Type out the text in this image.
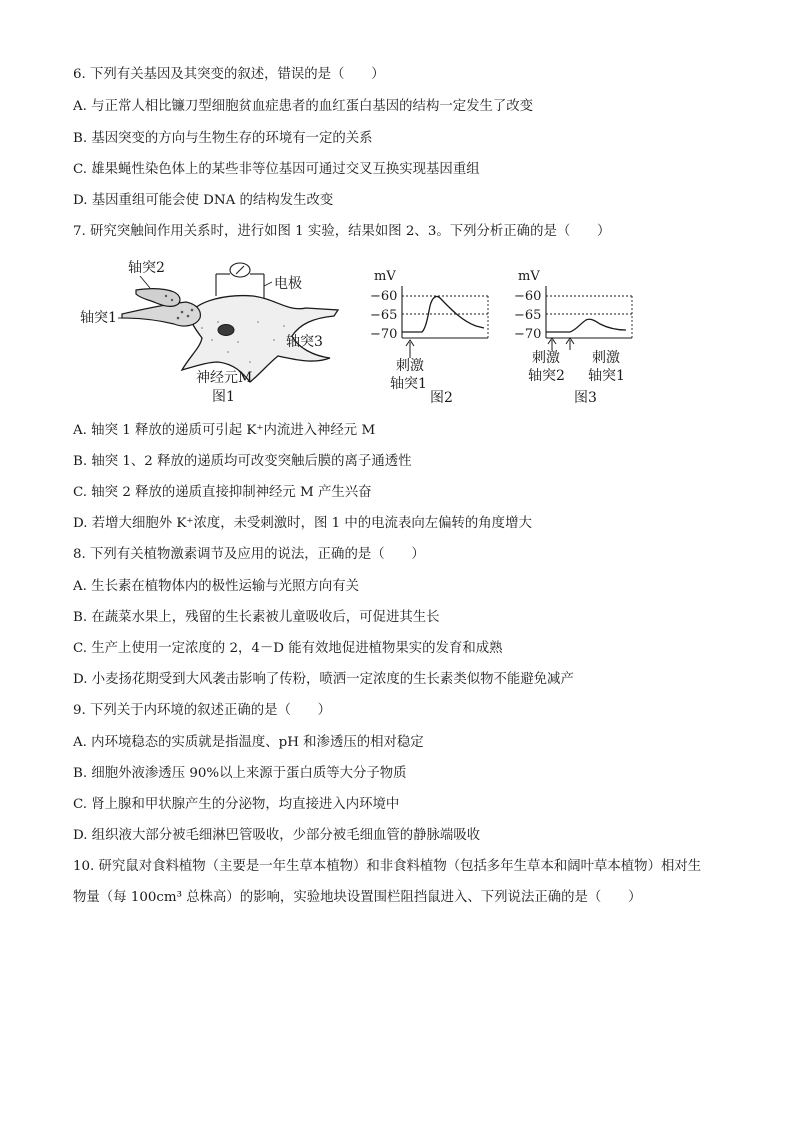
6. 下列有关基因及其突变的叙述，错误的是（　　）
A. 与正常人相比镰刀型细胞贫血症患者的血红蛋白基因的结构一定发生了改变
B. 基因突变的方向与生物生存的环境有一定的关系
C. 雄果蝇性染色体上的某些非等位基因可通过交叉互换实现基因重组
D. 基因重组可能会使 DNA 的结构发生改变
7. 研究突触间作用关系时，进行如图 1 实验，结果如图 2、3。下列分析正确的是（　　）
轴突2
轴突1
电极
轴突3
神经元M
图1
mV
−60
−65
−70
刺激
轴突1
图2
mV
−60
−65
−70
刺激
轴突2
刺激
轴突1
图3
A. 轴突 1 释放的递质可引起 K⁺内流进入神经元 M
B. 轴突 1、2 释放的递质均可改变突触后膜的离子通透性
C. 轴突 2 释放的递质直接抑制神经元 M 产生兴奋
D. 若增大细胞外 K⁺浓度，未受刺激时，图 1 中的电流表向左偏转的角度增大
8. 下列有关植物激素调节及应用的说法，正确的是（　　）
A. 生长素在植物体内的极性运输与光照方向有关
B. 在蔬菜水果上，残留的生长素被儿童吸收后，可促进其生长
C. 生产上使用一定浓度的 2，4－D 能有效地促进植物果实的发育和成熟
D. 小麦扬花期受到大风袭击影响了传粉，喷洒一定浓度的生长素类似物不能避免减产
9. 下列关于内环境的叙述正确的是（　　）
A. 内环境稳态的实质就是指温度、pH 和渗透压的相对稳定
B. 细胞外液渗透压 90%以上来源于蛋白质等大分子物质
C. 肾上腺和甲状腺产生的分泌物，均直接进入内环境中
D. 组织液大部分被毛细淋巴管吸收，少部分被毛细血管的静脉端吸收
10. 研究鼠对食料植物（主要是一年生草本植物）和非食料植物（包括多年生草本和阔叶草本植物）相对生
物量（每 100cm³ 总株高）的影响，实验地块设置围栏阻挡鼠进入、下列说法正确的是（　　）
